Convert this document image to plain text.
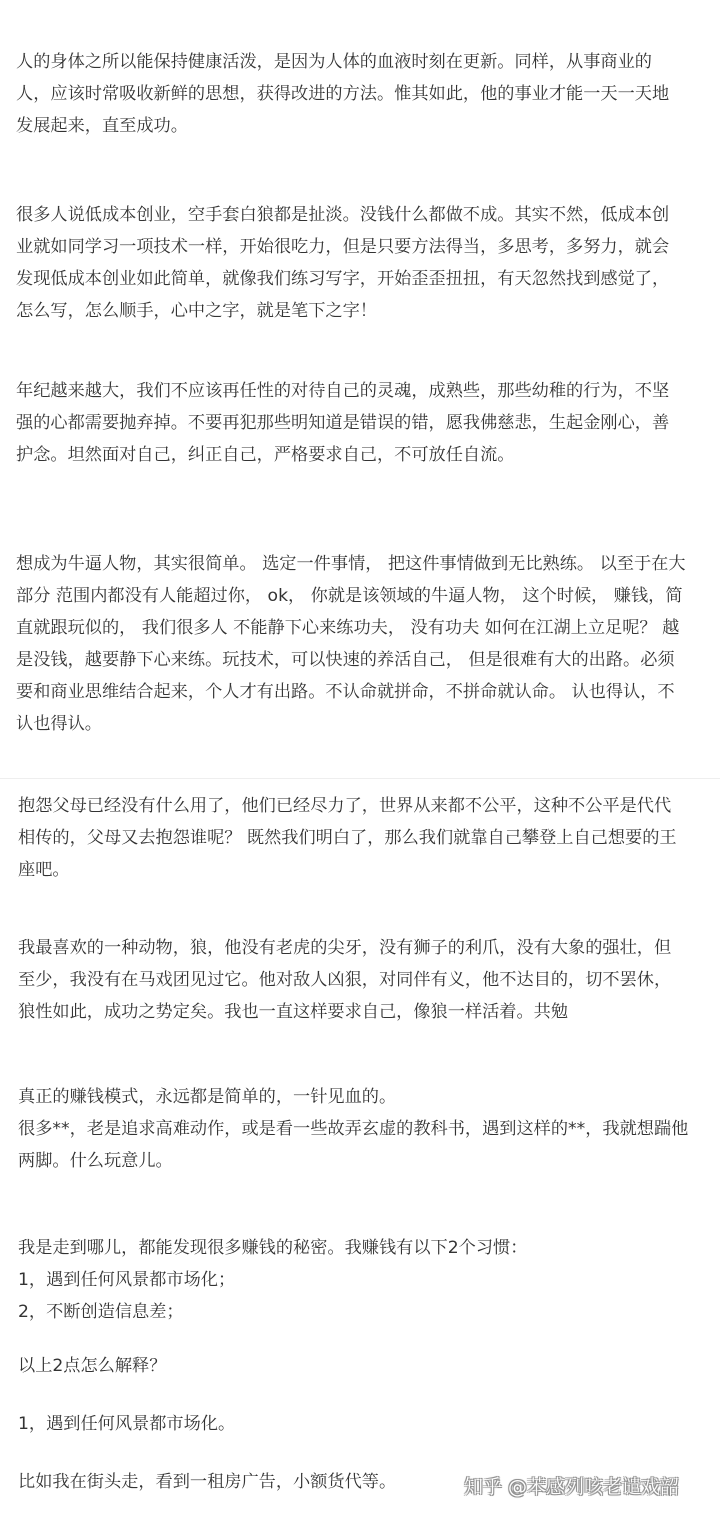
人的身体之所以能保持健康活泼，是因为人体的血液时刻在更新。同样，从事商业的
人，应该时常吸收新鲜的思想，获得改进的方法。惟其如此，他的事业才能一天一天地
发展起来，直至成功。
很多人说低成本创业，空手套白狼都是扯淡。没钱什么都做不成。其实不然，低成本创
业就如同学习一项技术一样，开始很吃力，但是只要方法得当，多思考，多努力，就会
发现低成本创业如此简单，就像我们练习写字，开始歪歪扭扭，有天忽然找到感觉了，
怎么写，怎么顺手，心中之字，就是笔下之字！
年纪越来越大，我们不应该再任性的对待自己的灵魂，成熟些，那些幼稚的行为，不坚
强的心都需要抛弃掉。不要再犯那些明知道是错误的错，愿我佛慈悲，生起金刚心，善
护念。坦然面对自己，纠正自己，严格要求自己，不可放任自流。
想成为牛逼人物，其实很简单。 选定一件事情， 把这件事情做到无比熟练。 以至于在大
部分 范围内都没有人能超过你， ok， 你就是该领域的牛逼人物， 这个时候， 赚钱，简
直就跟玩似的， 我们很多人 不能静下心来练功夫， 没有功夫 如何在江湖上立足呢？ 越
是没钱，越要静下心来练。玩技术，可以快速的养活自己， 但是很难有大的出路。必须
要和商业思维结合起来，个人才有出路。不认命就拼命，不拼命就认命。 认也得认，不
认也得认。
抱怨父母已经没有什么用了，他们已经尽力了，世界从来都不公平，这种不公平是代代
相传的，父母又去抱怨谁呢？ 既然我们明白了，那么我们就靠自己攀登上自己想要的王
座吧。
我最喜欢的一种动物，狼，他没有老虎的尖牙，没有狮子的利爪，没有大象的强壮，但
至少，我没有在马戏团见过它。他对敌人凶狠，对同伴有义，他不达目的，切不罢休，
狼性如此，成功之势定矣。我也一直这样要求自己，像狼一样活着。共勉
真正的赚钱模式，永远都是简单的，一针见血的。
很多**，老是追求高难动作，或是看一些故弄玄虚的教科书，遇到这样的**，我就想踹他
两脚。什么玩意儿。
我是走到哪儿，都能发现很多赚钱的秘密。我赚钱有以下2个习惯：
1，遇到任何风景都市场化；
2，不断创造信息差；
以上2点怎么解释？
1，遇到任何风景都市场化。
比如我在街头走，看到一租房广告，小额货代等。	知乎 @苯感列咳老谴戏韶
